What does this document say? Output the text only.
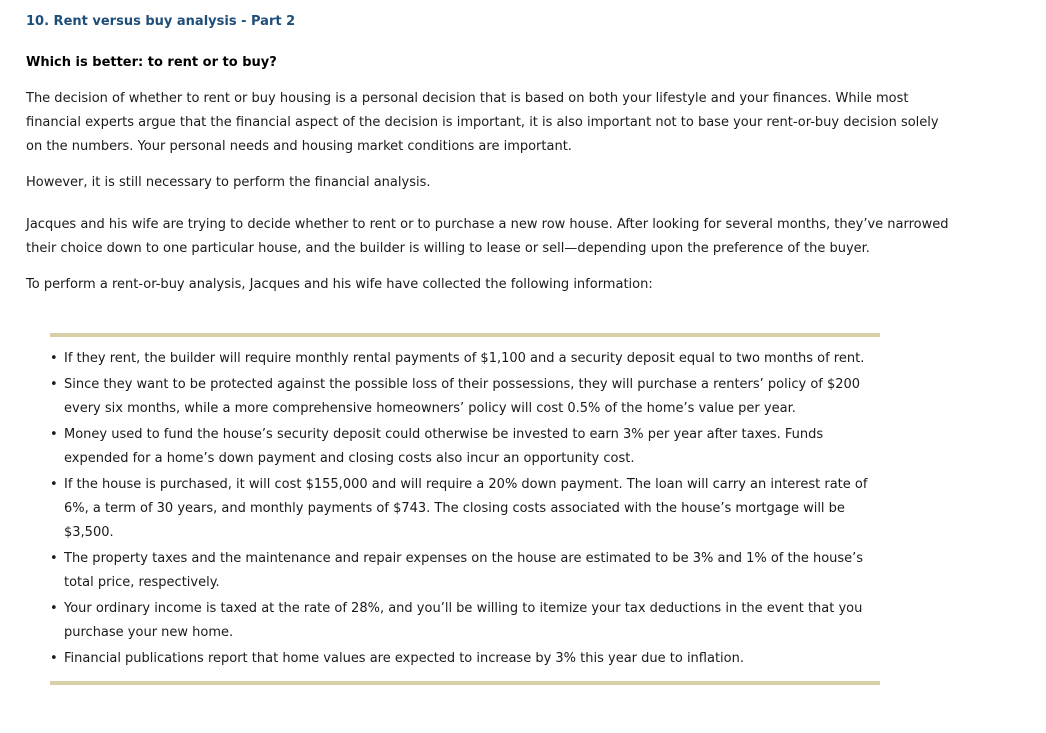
10. Rent versus buy analysis - Part 2
Which is better: to rent or to buy?

The decision of whether to rent or buy housing is a personal decision that is based on both your lifestyle and your finances. While most financial experts argue that the financial aspect of the decision is important, it is also important not to base your rent-or-buy decision solely on the numbers. Your personal needs and housing market conditions are important.

However, it is still necessary to perform the financial analysis.

Jacques and his wife are trying to decide whether to rent or to purchase a new row house. After looking for several months, they’ve narrowed their choice down to one particular house, and the builder is willing to lease or sell—depending upon the preference of the buyer.

To perform a rent-or-buy analysis, Jacques and his wife have collected the following information:

• If they rent, the builder will require monthly rental payments of $1,100 and a security deposit equal to two months of rent.
• Since they want to be protected against the possible loss of their possessions, they will purchase a renters’ policy of $200 every six months, while a more comprehensive homeowners’ policy will cost 0.5% of the home’s value per year.
• Money used to fund the house’s security deposit could otherwise be invested to earn 3% per year after taxes. Funds expended for a home’s down payment and closing costs also incur an opportunity cost.
• If the house is purchased, it will cost $155,000 and will require a 20% down payment. The loan will carry an interest rate of 6%, a term of 30 years, and monthly payments of $743. The closing costs associated with the house’s mortgage will be $3,500.
• The property taxes and the maintenance and repair expenses on the house are estimated to be 3% and 1% of the house’s total price, respectively.
• Your ordinary income is taxed at the rate of 28%, and you’ll be willing to itemize your tax deductions in the event that you purchase your new home.
• Financial publications report that home values are expected to increase by 3% this year due to inflation.
